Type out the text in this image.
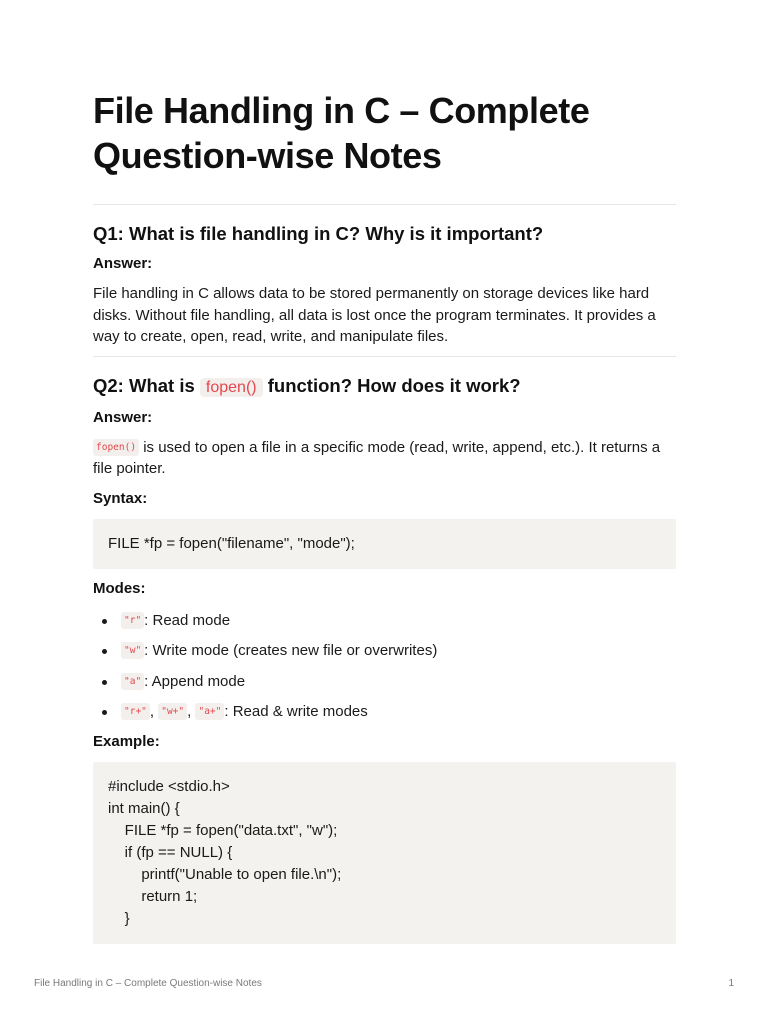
File Handling in C – Complete Question-wise Notes
Q1: What is file handling in C? Why is it important?
Answer:

File handling in C allows data to be stored permanently on storage devices like hard disks. Without file handling, all data is lost once the program terminates. It provides a way to create, open, read, write, and manipulate files.

Q2: What is fopen() function? How does it work?
Answer:

fopen() is used to open a file in a specific mode (read, write, append, etc.). It returns a file pointer.

Syntax:
FILE *fp = fopen("filename", "mode");
Modes:
"r" : Read mode
"w" : Write mode (creates new file or overwrites)
"a" : Append mode
"r+" , "w+" , "a+" : Read & write modes
Example:
#include <stdio.h>
int main() {
FILE *fp = fopen("data.txt", "w");
if (fp == NULL) {
printf("Unable to open file.\n");
return 1;
}
File Handling in C – Complete Question-wise Notes	1
